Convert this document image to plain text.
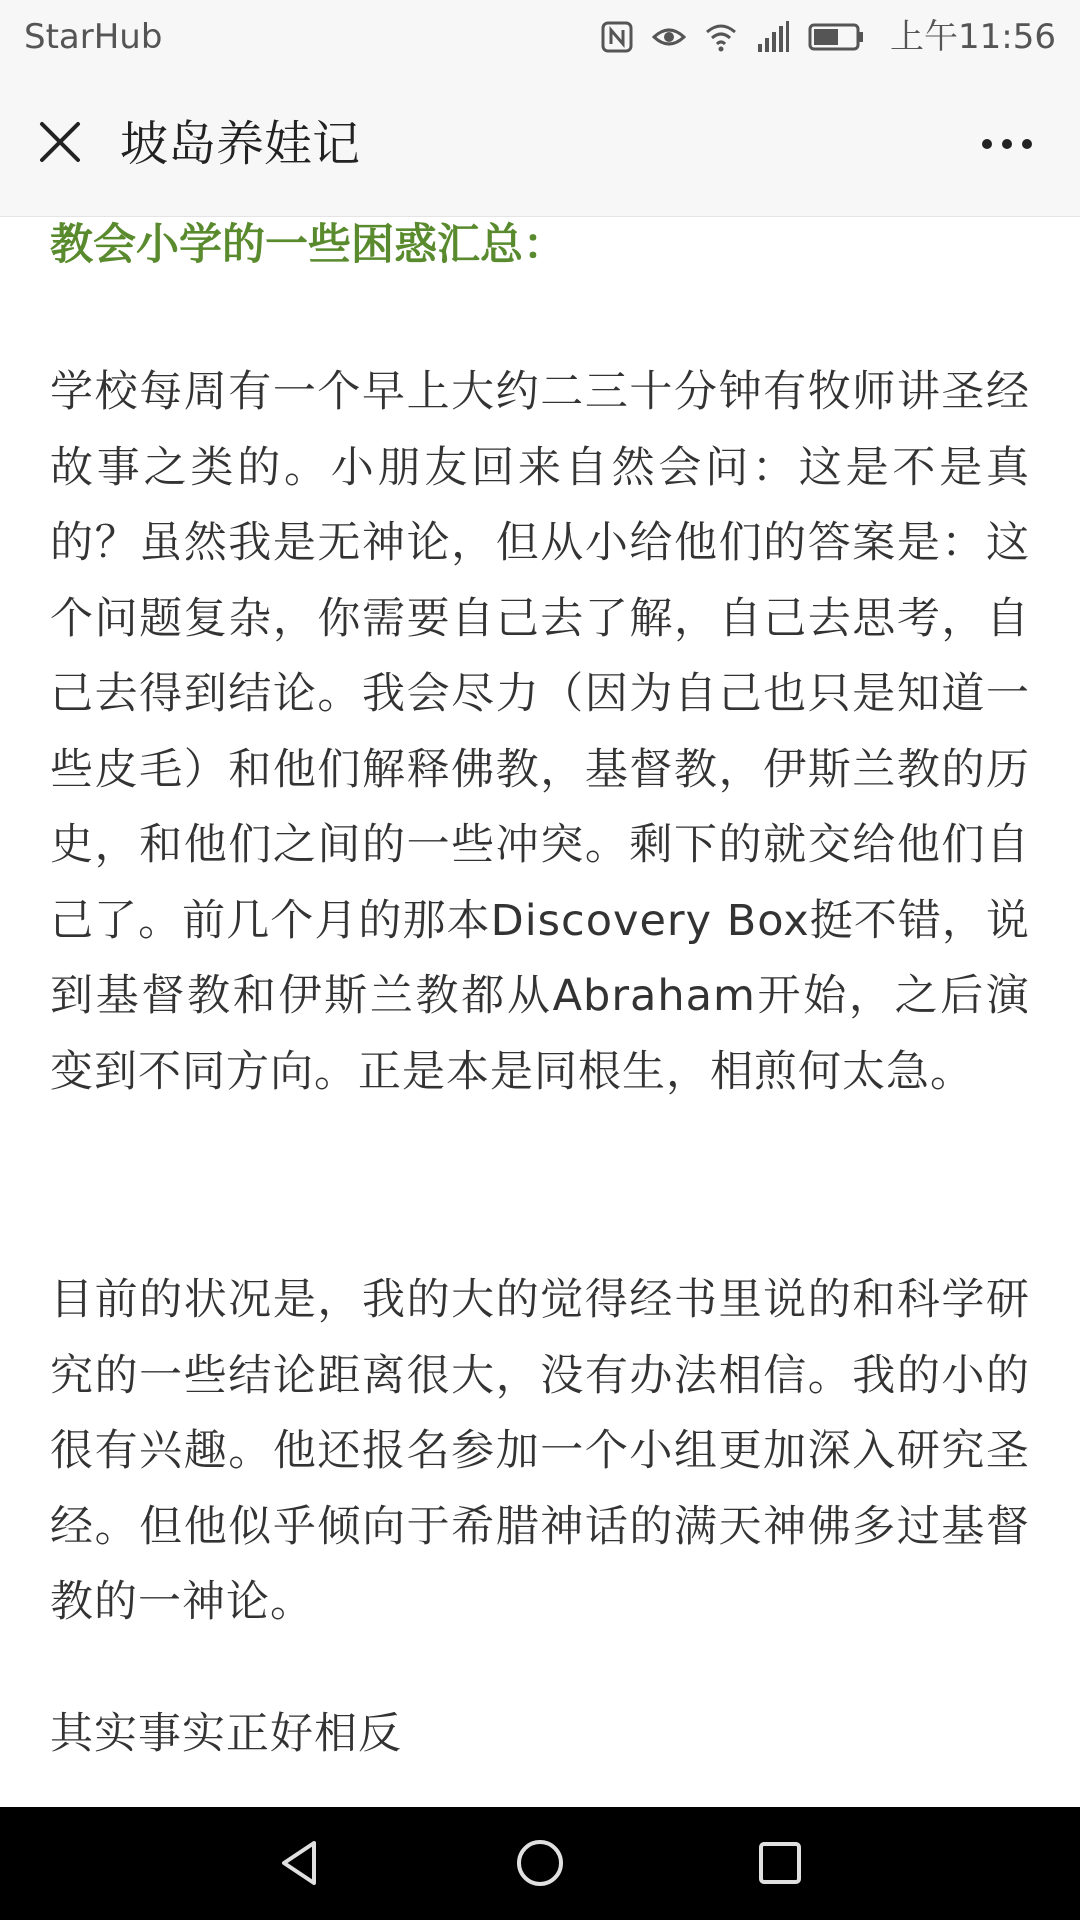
StarHub	上午11:56
坡岛养娃记
教会小学的一些困惑汇总：

学校每周有一个早上大约二三十分钟有牧师讲圣经故事之类的。小朋友回来自然会问：这是不是真的？虽然我是无神论，但从小给他们的答案是：这个问题复杂，你需要自己去了解，自己去思考，自己去得到结论。我会尽力（因为自己也只是知道一些皮毛）和他们解释佛教，基督教，伊斯兰教的历史，和他们之间的一些冲突。剩下的就交给他们自己了。前几个月的那本Discovery Box挺不错，说到基督教和伊斯兰教都从Abraham开始，之后演变到不同方向。正是本是同根生，相煎何太急。

目前的状况是，我的大的觉得经书里说的和科学研究的一些结论距离很大，没有办法相信。我的小的很有兴趣。他还报名参加一个小组更加深入研究圣经。但他似乎倾向于希腊神话的满天神佛多过基督教的一神论。

其实事实正好相反
